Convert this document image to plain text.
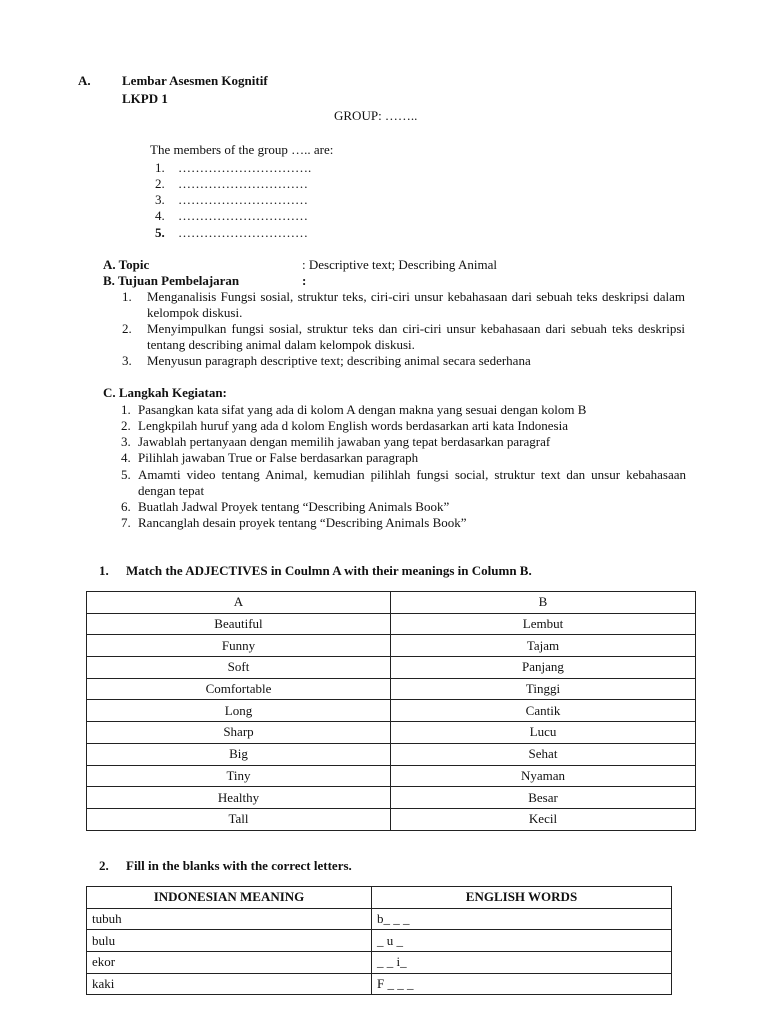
A. Lembar Asesmen Kognitif
LKPD 1
GROUP: ……..
The members of the group ….. are:
1. ………………………….
2. …………………………
3. …………………………
4. …………………………
5. …………………………
A. Topic	: Descriptive text; Describing Animal
B. Tujuan Pembelajaran	:
1.	Menganalisis Fungsi sosial, struktur teks, ciri-ciri unsur kebahasaan dari sebuah teks deskripsi dalam kelompok diskusi.
2.	Menyimpulkan fungsi sosial, struktur teks dan ciri-ciri unsur kebahasaan dari sebuah teks deskripsi tentang describing animal dalam kelompok diskusi.
3.	Menyusun paragraph descriptive text; describing animal secara sederhana
C. Langkah Kegiatan:
1. Pasangkan kata sifat yang ada di kolom A dengan makna yang sesuai dengan kolom B
2. Lengkpilah huruf yang ada d kolom English words berdasarkan arti kata Indonesia
3. Jawablah pertanyaan dengan memilih jawaban yang tepat berdasarkan paragraf
4. Pilihlah jawaban True or False berdasarkan paragraph
5. Amamti video tentang Animal, kemudian pilihlah fungsi social, struktur text dan unsur kebahasaan dengan tepat
6. Buatlah Jadwal Proyek tentang “Describing Animals Book”
7. Rancanglah desain proyek tentang “Describing Animals Book”
1. Match the ADJECTIVES in Coulmn A with their meanings in Column B.
A	B
Beautiful	Lembut
Funny	Tajam
Soft	Panjang
Comfortable	Tinggi
Long	Cantik
Sharp	Lucu
Big	Sehat
Tiny	Nyaman
Healthy	Besar
Tall	Kecil
2. Fill in the blanks with the correct letters.
INDONESIAN MEANING	ENGLISH WORDS
tubuh	b_ _ _
bulu	_ u _
ekor	_ _ i_
kaki	F _ _ _
